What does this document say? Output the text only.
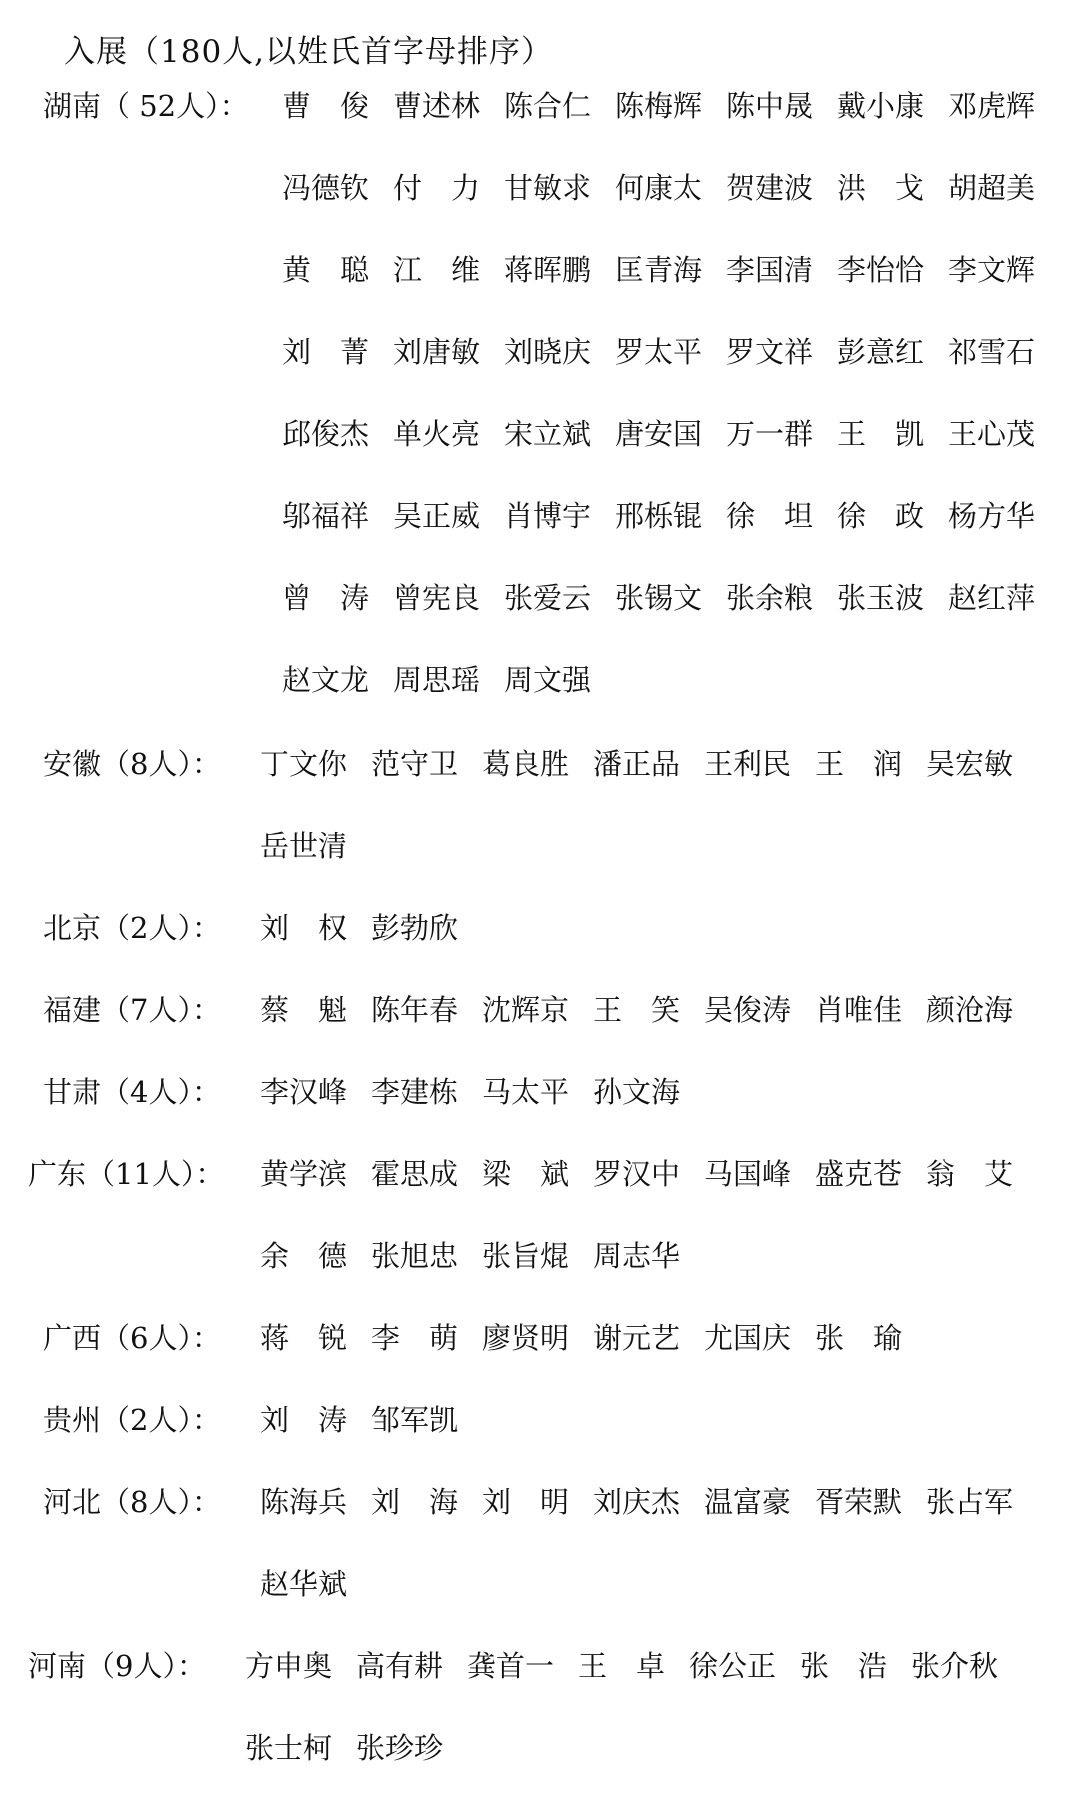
入展（180人,以姓氏首字母排序）
湖南（ 52人）： 曹　俊 曹述林 陈合仁 陈梅辉 陈中晟 戴小康 邓虎辉
冯德钦 付　力 甘敏求 何康太 贺建波 洪　戈 胡超美
黄　聪 江　维 蒋晖鹏 匡青海 李国清 李怡恰 李文辉
刘　菁 刘唐敏 刘晓庆 罗太平 罗文祥 彭意红 祁雪石
邱俊杰 单火亮 宋立斌 唐安国 万一群 王　凯 王心茂
邬福祥 吴正威 肖博宇 邢栎锟 徐　坦 徐　政 杨方华
曾　涛 曾宪良 张爱云 张锡文 张余粮 张玉波 赵红萍
赵文龙 周思瑶 周文强
安徽（8人）： 丁文你 范守卫 葛良胜 潘正品 王利民 王　润 吴宏敏
岳世清
北京（2人）： 刘　权 彭勃欣
福建（7人）： 蔡　魁 陈年春 沈辉京 王　笑 吴俊涛 肖唯佳 颜沧海
甘肃（4人）： 李汉峰 李建栋 马太平 孙文海
广东（11人）： 黄学滨 霍思成 梁　斌 罗汉中 马国峰 盛克苍 翁　艾
余　德 张旭忠 张旨焜 周志华
广西（6人）： 蒋　锐 李　萌 廖贤明 谢元艺 尤国庆 张　瑜
贵州（2人）： 刘　涛 邹军凯
河北（8人）： 陈海兵 刘　海 刘　明 刘庆杰 温富豪 胥荣默 张占军
赵华斌
河南（9人）： 方申奥 高有耕 龚首一 王　卓 徐公正 张　浩 张介秋
张士柯 张珍珍
